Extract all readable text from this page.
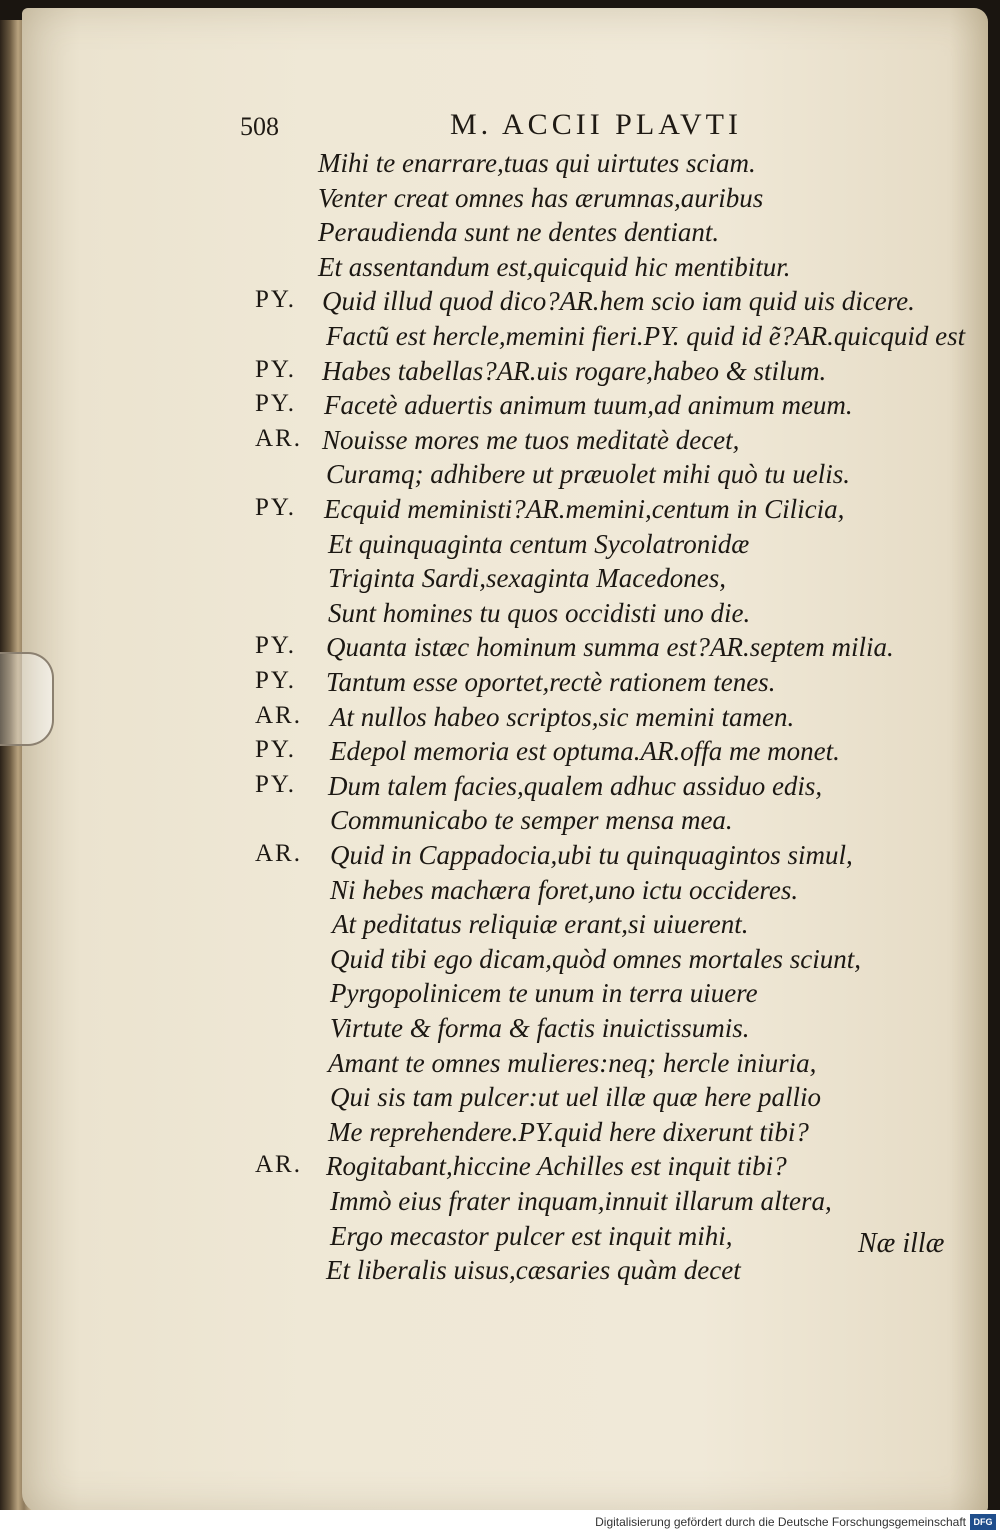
508	M. ACCII PLAVTI
Mihi te enarrare,tuas qui uirtutes sciam.
Venter creat omnes has ærumnas,auribus
Peraudienda sunt ne dentes dentiant.
Et assentandum est,quicquid hic mentibitur.
PY. Quid illud quod dico?AR.hem scio iam quid uis dicere.
Factũ est hercle,memini fieri.PY. quid id ẽ?AR.quicquid est
PY. Habes tabellas?AR.uis rogare,habeo & stilum.
PY.	Facetè aduertis animum tuum,ad animum meum.
AR. Nouisse mores me tuos meditatè decet,
Curamq; adhibere ut præuolet mihi quò tu uelis.
PY.	Ecquid meministi?AR.memini,centum in Cilicia,
Et quinquaginta centum Sycolatronidæ
Triginta Sardi,sexaginta Macedones,
Sunt homines tu quos occidisti uno die.
PY.	Quanta istæc hominum summa est?AR.septem milia.
PY.	Tantum esse oportet,rectè rationem tenes.
AR.	At nullos habeo scriptos,sic memini tamen.
PY.	Edepol memoria est optuma.AR.offa me monet.
PY.	Dum talem facies,qualem adhuc assiduo edis,
Communicabo te semper mensa mea.
AR.	Quid in Cappadocia,ubi tu quinquagintos simul,
Ni hebes machæra foret,uno ictu occideres.
At peditatus reliquiæ erant,si uiuerent.
Quid tibi ego dicam,quòd omnes mortales sciunt,
Pyrgopolinicem te unum in terra uiuere
Virtute & forma & factis inuictissumis.
Amant te omnes mulieres:neq; hercle iniuria,
Qui sis tam pulcer:ut uel illæ quæ here pallio
Me reprehendere.PY.quid here dixerunt tibi?
AR. Rogitabant,hiccine Achilles est inquit tibi?
Immò eius frater inquam,innuit illarum altera,
Ergo mecastor pulcer est inquit mihi,
Et liberalis uisus,cæsaries quàm decet
Næ illæ
Digitalisierung gefördert durch die Deutsche Forschungsgemeinschaft DFG
